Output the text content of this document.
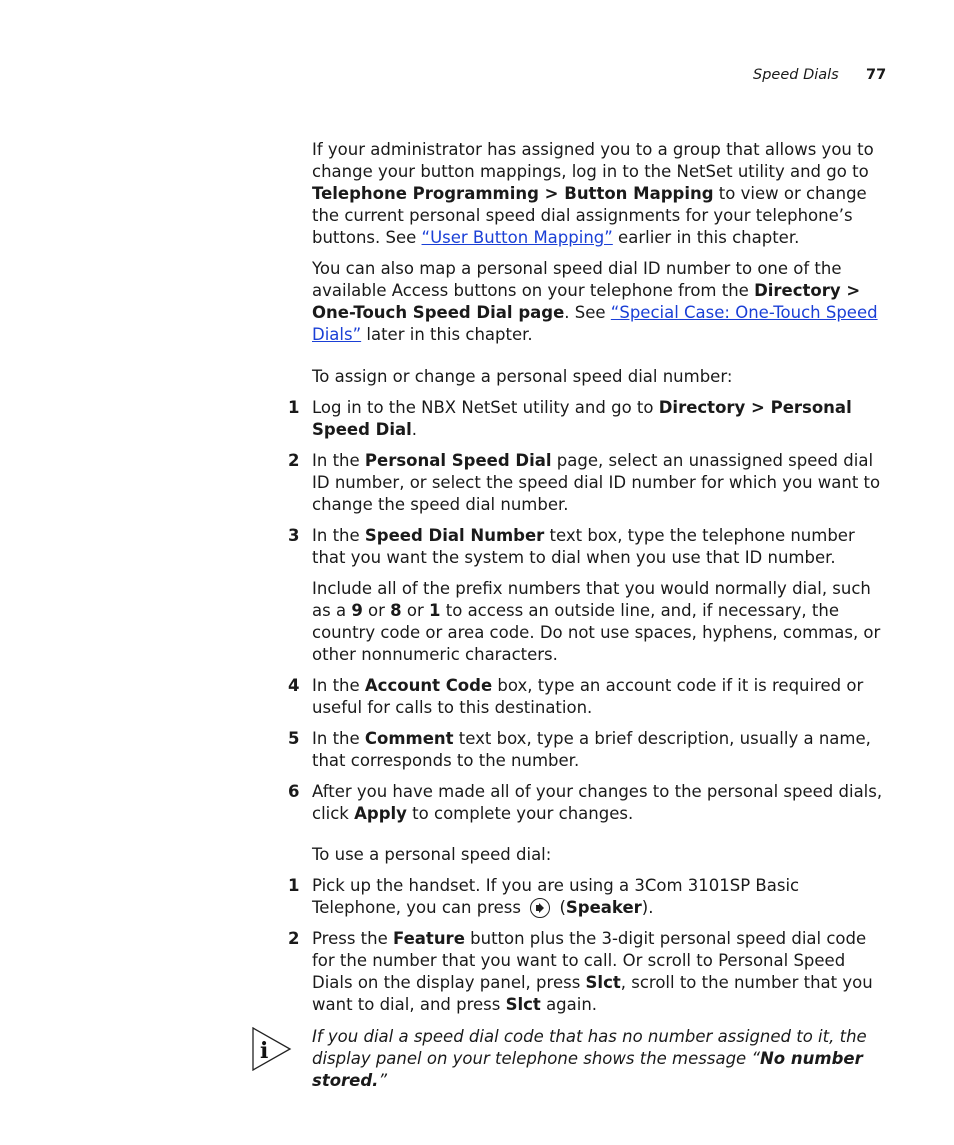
Speed Dials 77
If your administrator has assigned you to a group that allows you to change your button mappings, log in to the NetSet utility and go to Telephone Programming > Button Mapping to view or change the current personal speed dial assignments for your telephone’s buttons. See “User Button Mapping” earlier in this chapter.
You can also map a personal speed dial ID number to one of the available Access buttons on your telephone from the Directory > One-Touch Speed Dial page. See “Special Case: One-Touch Speed Dials” later in this chapter.
To assign or change a personal speed dial number:
1 Log in to the NBX NetSet utility and go to Directory > Personal Speed Dial.
2 In the Personal Speed Dial page, select an unassigned speed dial ID number, or select the speed dial ID number for which you want to change the speed dial number.
3 In the Speed Dial Number text box, type the telephone number that you want the system to dial when you use that ID number.
Include all of the prefix numbers that you would normally dial, such as a 9 or 8 or 1 to access an outside line, and, if necessary, the country code or area code. Do not use spaces, hyphens, commas, or other nonnumeric characters.
4 In the Account Code box, type an account code if it is required or useful for calls to this destination.
5 In the Comment text box, type a brief description, usually a name, that corresponds to the number.
6 After you have made all of your changes to the personal speed dials, click Apply to complete your changes.
To use a personal speed dial:
1 Pick up the handset. If you are using a 3Com 3101SP Basic Telephone, you can press  (Speaker).
2 Press the Feature button plus the 3-digit personal speed dial code for the number that you want to call. Or scroll to Personal Speed Dials on the display panel, press Slct, scroll to the number that you want to dial, and press Slct again.
i
If you dial a speed dial code that has no number assigned to it, the display panel on your telephone shows the message “No number stored.”
